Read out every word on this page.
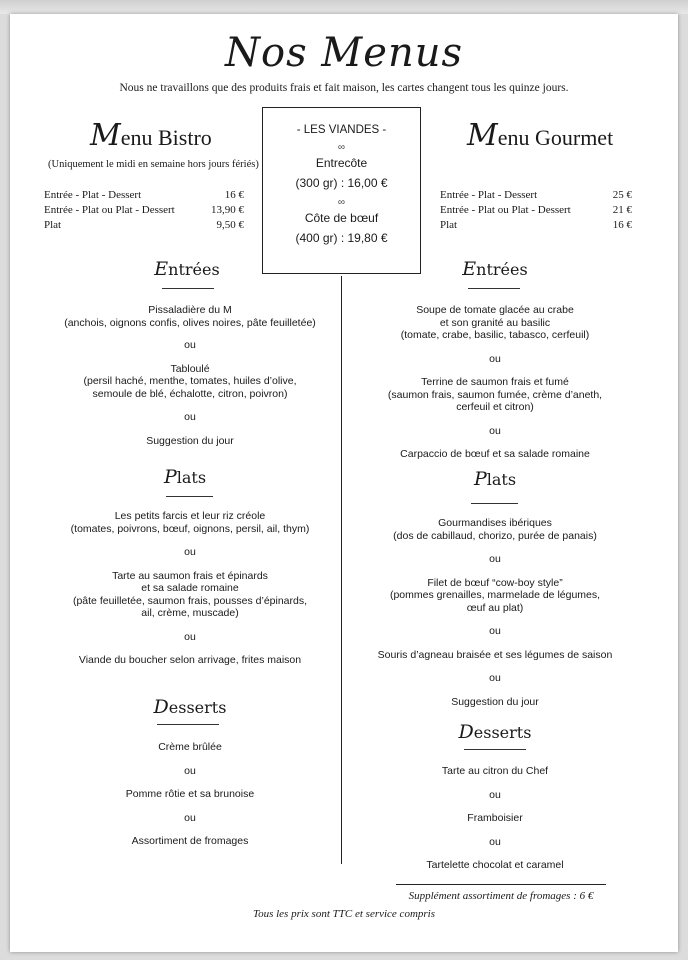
Nos Menus
Nous ne travaillons que des produits frais et fait maison, les cartes changent tous les quinze jours.
Menu Bistro
(Uniquement le midi en semaine hors jours fériés)
Entrée - Plat - Dessert	16 €
Entrée - Plat ou Plat - Dessert	13,90 €
Plat	9,50 €
- LES VIANDES -
∞
Entrecôte
(300 gr) : 16,00 €
∞
Côte de bœuf
(400 gr) : 19,80 €
Menu Gourmet
Entrée - Plat - Dessert	25 €
Entrée - Plat ou Plat - Dessert	21 €
Plat	16 €
Entrées
Pissaladière du M
(anchois, oignons confis, olives noires, pâte feuilletée)
ou
Tabloulé
(persil haché, menthe, tomates, huiles d’olive,
semoule de blé, échalotte, citron, poivron)
ou
Suggestion du jour
Plats
Les petits farcis et leur riz créole
(tomates, poivrons, bœuf, oignons, persil, ail, thym)
ou
Tarte au saumon frais et épinards
et sa salade romaine
(pâte feuilletée, saumon frais, pousses d’épinards,
ail, crème, muscade)
ou
Viande du boucher selon arrivage, frites maison
Desserts
Crème brûlée
ou
Pomme rôtie et sa brunoise
ou
Assortiment de fromages
Entrées
Soupe de tomate glacée au crabe
et son granité au basilic
(tomate, crabe, basilic, tabasco, cerfeuil)
ou
Terrine de saumon frais et fumé
(saumon frais, saumon fumée, crème d’aneth,
cerfeuil et citron)
ou
Carpaccio de bœuf et sa salade romaine
Plats
Gourmandises ibériques
(dos de cabillaud, chorizo, purée de panais)
ou
Filet de bœuf “cow-boy style”
(pommes grenailles, marmelade de légumes,
œuf au plat)
ou
Souris d’agneau braisée et ses légumes de saison
ou
Suggestion du jour
Desserts
Tarte au citron du Chef
ou
Framboisier
ou
Tartelette chocolat et caramel
Supplément assortiment de fromages : 6 €
Tous les prix sont TTC et service compris
